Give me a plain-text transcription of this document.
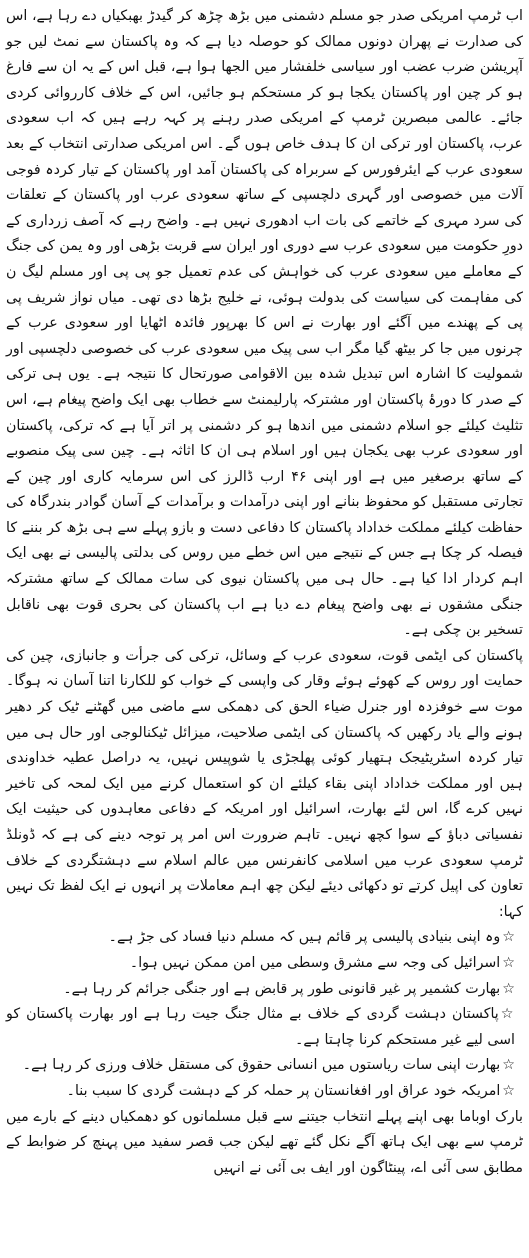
اب ٹرمپ امریکی صدر جو مسلم دشمنی میں بڑھ چڑھ کر گیدڑ بھبکیاں دے رہا ہے، اس کی صدارت نے پھران دونوں ممالک کو حوصلہ دیا ہے کہ وہ پاکستان سے نمٹ لیں جو آپریشن ضرب عضب اور سیاسی خلفشار میں الجھا ہوا ہے، قبل اس کے یہ ان سے فارغ ہو کر چین اور پاکستان یکجا ہو کر مستحکم ہو جائیں، اس کے خلاف کارروائی کردی جائے۔ عالمی مبصرین ٹرمپ کے امریکی صدر رہنے پر کہہ رہے ہیں کہ اب سعودی عرب، پاکستان اور ترکی ان کا ہدف خاص ہوں گے۔ اس امریکی صدارتی انتخاب کے بعد سعودی عرب کے ایئرفورس کے سربراہ کی پاکستان آمد اور پاکستان کے تیار کردہ فوجی آلات میں خصوصی اور گہری دلچسپی کے ساتھ سعودی عرب اور پاکستان کے تعلقات کی سرد مہری کے خاتمے کی بات اب ادھوری نہیں ہے۔ واضح رہے کہ آصف زرداری کے دورِ حکومت میں سعودی عرب سے دوری اور ایران سے قربت بڑھی اور وہ یمن کی جنگ کے معاملے میں سعودی عرب کی خواہش کی عدم تعمیل جو پی پی اور مسلم لیگ ن کی مفاہمت کی سیاست کی بدولت ہوئی، نے خلیج بڑھا دی تھی۔ میاں نواز شریف پی پی کے پھندے میں آگئے اور بھارت نے اس کا بھرپور فائدہ اٹھایا اور سعودی عرب کے چرنوں میں جا کر بیٹھ گیا مگر اب سی پیک میں سعودی عرب کی خصوصی دلچسپی اور شمولیت کا اشارہ اس تبدیل شدہ بین الاقوامی صورتحال کا نتیجہ ہے۔ یوں ہی ترکی کے صدر کا دورۂ پاکستان اور مشترکہ پارلیمنٹ سے خطاب بھی ایک واضح پیغام ہے، اس تثلیث کیلئے جو اسلام دشمنی میں اندھا ہو کر دشمنی پر اتر آیا ہے کہ ترکی، پاکستان اور سعودی عرب بھی یکجان ہیں اور اسلام ہی ان کا اثاثہ ہے۔ چین سی پیک منصوبے کے ساتھ برصغیر میں ہے اور اپنی ۴۶ ارب ڈالرز کی اس سرمایہ کاری اور چین کے تجارتی مستقبل کو محفوظ بنانے اور اپنی درآمدات و برآمدات کے آسان گوادر بندرگاہ کی حفاظت کیلئے مملکت خداداد پاکستان کا دفاعی دست و بازو پہلے سے ہی بڑھ کر بننے کا فیصلہ کر چکا ہے جس کے نتیجے میں اس خطے میں روس کی بدلتی پالیسی نے بھی ایک اہم کردار ادا کیا ہے۔ حال ہی میں پاکستان نیوی کی سات ممالک کے ساتھ مشترکہ جنگی مشقوں نے بھی واضح پیغام دے دیا ہے اب پاکستان کی بحری قوت بھی ناقابل تسخیر بن چکی ہے۔

پاکستان کی ایٹمی قوت، سعودی عرب کے وسائل، ترکی کی جرأت و جانبازی، چین کی حمایت اور روس کے کھوئے ہوئے وقار کی واپسی کے خواب کو للکارنا اتنا آسان نہ ہوگا۔ موت سے خوفزدہ اور جنرل ضیاء الحق کی دھمکی سے ماضی میں گھٹنے ٹیک کر دھیر ہونے والے یاد رکھیں کہ پاکستان کی ایٹمی صلاحیت، میزائل ٹیکنالوجی اور حال ہی میں تیار کردہ اسٹریٹیجک ہتھیار کوئی پھلجڑی یا شوپیس نہیں، یہ دراصل عطیہ خداوندی ہیں اور مملکت خداداد اپنی بقاء کیلئے ان کو استعمال کرنے میں ایک لمحہ کی تاخیر نہیں کرے گا، اس لئے بھارت، اسرائیل اور امریکہ کے دفاعی معاہدوں کی حیثیت ایک نفسیاتی دباؤ کے سوا کچھ نہیں۔ تاہم ضرورت اس امر پر توجہ دینے کی ہے کہ ڈونلڈ ٹرمپ سعودی عرب میں اسلامی کانفرنس میں عالم اسلام سے دہشتگردی کے خلاف تعاون کی اپیل کرتے تو دکھائی دیئے لیکن چھ اہم معاملات پر انہوں نے ایک لفظ تک نہیں کہا:

☆وہ اپنی بنیادی پالیسی پر قائم ہیں کہ مسلم دنیا فساد کی جڑ ہے۔
☆اسرائیل کی وجہ سے مشرق وسطی میں امن ممکن نہیں ہوا۔
☆بھارت کشمیر پر غیر قانونی طور پر قابض ہے اور جنگی جرائم کر رہا ہے۔
☆پاکستان دہشت گردی کے خلاف بے مثال جنگ جیت رہا ہے اور بھارت پاکستان کو اسی لیے غیر مستحکم کرنا چاہتا ہے۔
☆بھارت اپنی سات ریاستوں میں انسانی حقوق کی مستقل خلاف ورزی کر رہا ہے۔
☆امریکہ خود عراق اور افغانستان پر حملہ کر کے دہشت گردی کا سبب بنا۔

بارک اوباما بھی اپنے پہلے انتخاب جیتنے سے قبل مسلمانوں کو دھمکیاں دینے کے بارے میں ٹرمپ سے بھی ایک ہاتھ آگے نکل گئے تھے لیکن جب قصر سفید میں پہنچ کر ضوابط کے مطابق سی آئی اے، پینٹاگون اور ایف بی آئی نے انہیں
